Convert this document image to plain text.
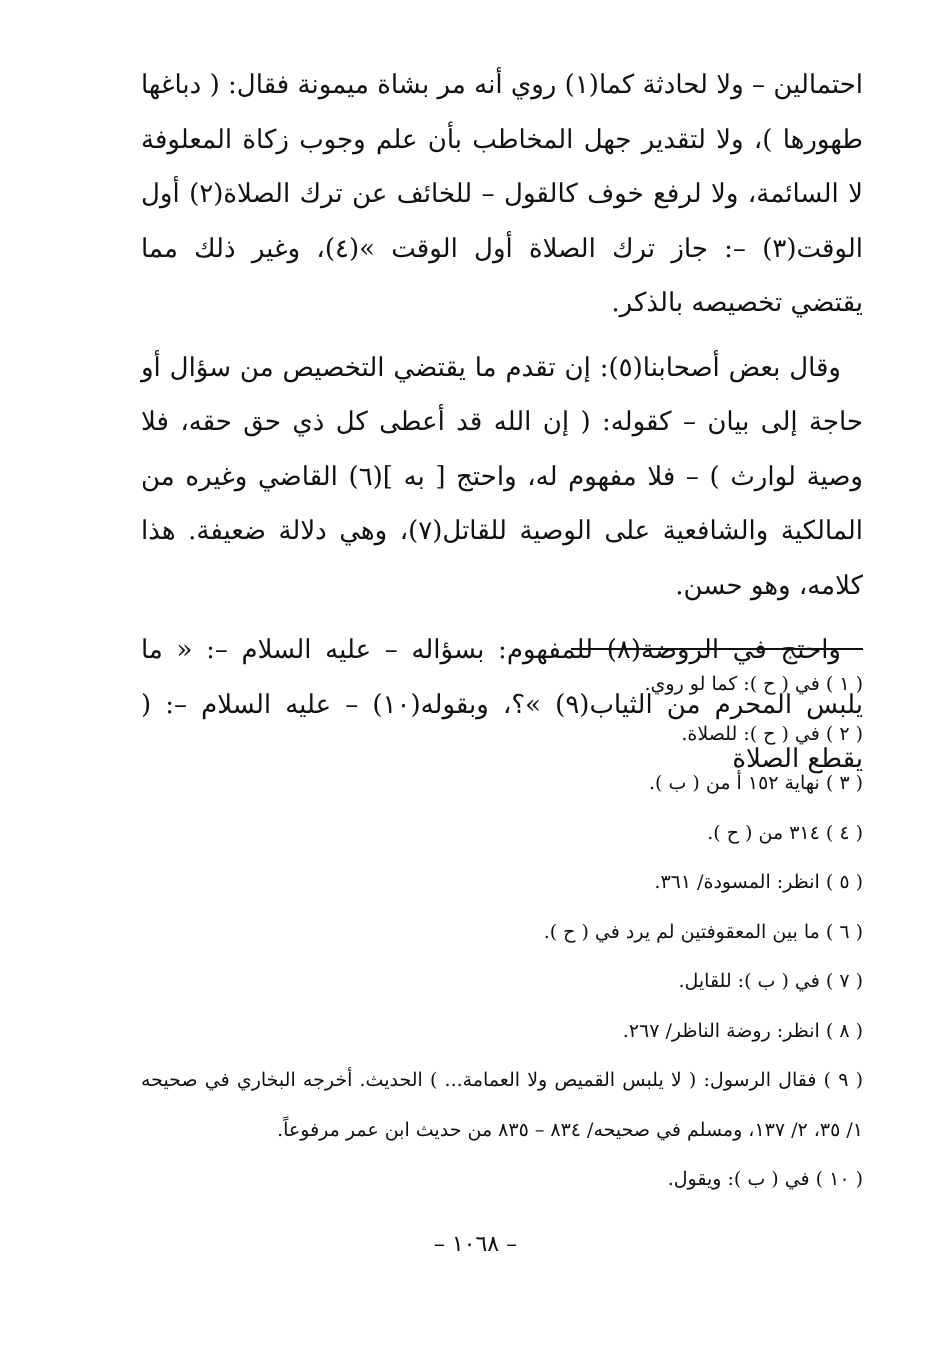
احتمالين – ولا لحادثة كما(١) روي أنه مر بشاة ميمونة فقال: ( دباغها طهورها )، ولا لتقدير جهل المخاطب بأن علم وجوب زكاة المعلوفة لا السائمة، ولا لرفع خوف كالقول – للخائف عن ترك الصلاة(٢) أول الوقت(٣) –: جاز ترك الصلاة أول الوقت »(٤)، وغير ذلك مما يقتضي تخصيصه بالذكر.

وقال بعض أصحابنا(٥): إن تقدم ما يقتضي التخصيص من سؤال أو حاجة إلى بيان – كقوله: ( إن الله قد أعطى كل ذي حق حقه، فلا وصية لوارث ) – فلا مفهوم له، واحتج [ به ](٦) القاضي وغيره من المالكية والشافعية على الوصية للقاتل(٧)، وهي دلالة ضعيفة. هذا كلامه، وهو حسن.

واحتج في الروضة(٨) للمفهوم: بسؤاله – عليه السلام –: « ما يلبس المحرم من الثياب(٩) »؟، وبقوله(١٠) – عليه السلام –: ( يقطع الصلاة

( ١ ) في ( ح ): كما لو روي.

( ٢ ) في ( ح ): للصلاة.

( ٣ ) نهاية ١٥٢ أ من ( ب ).

( ٤ ) ٣١٤ من ( ح ).

( ٥ ) انظر: المسودة/ ٣٦١.

( ٦ ) ما بين المعقوفتين لم يرد في ( ح ).

( ٧ ) في ( ب ): للقايل.

( ٨ ) انظر: روضة الناظر/ ٢٦٧.

( ٩ ) فقال الرسول: ( لا يلبس القميص ولا العمامة... ) الحديث. أخرجه البخاري في صحيحه ١/ ٣٥، ٢/ ١٣٧، ومسلم في صحيحه/ ٨٣٤ – ٨٣٥ من حديث ابن عمر مرفوعاً.

( ١٠ ) في ( ب ): ويقول.

– ١٠٦٨ –
